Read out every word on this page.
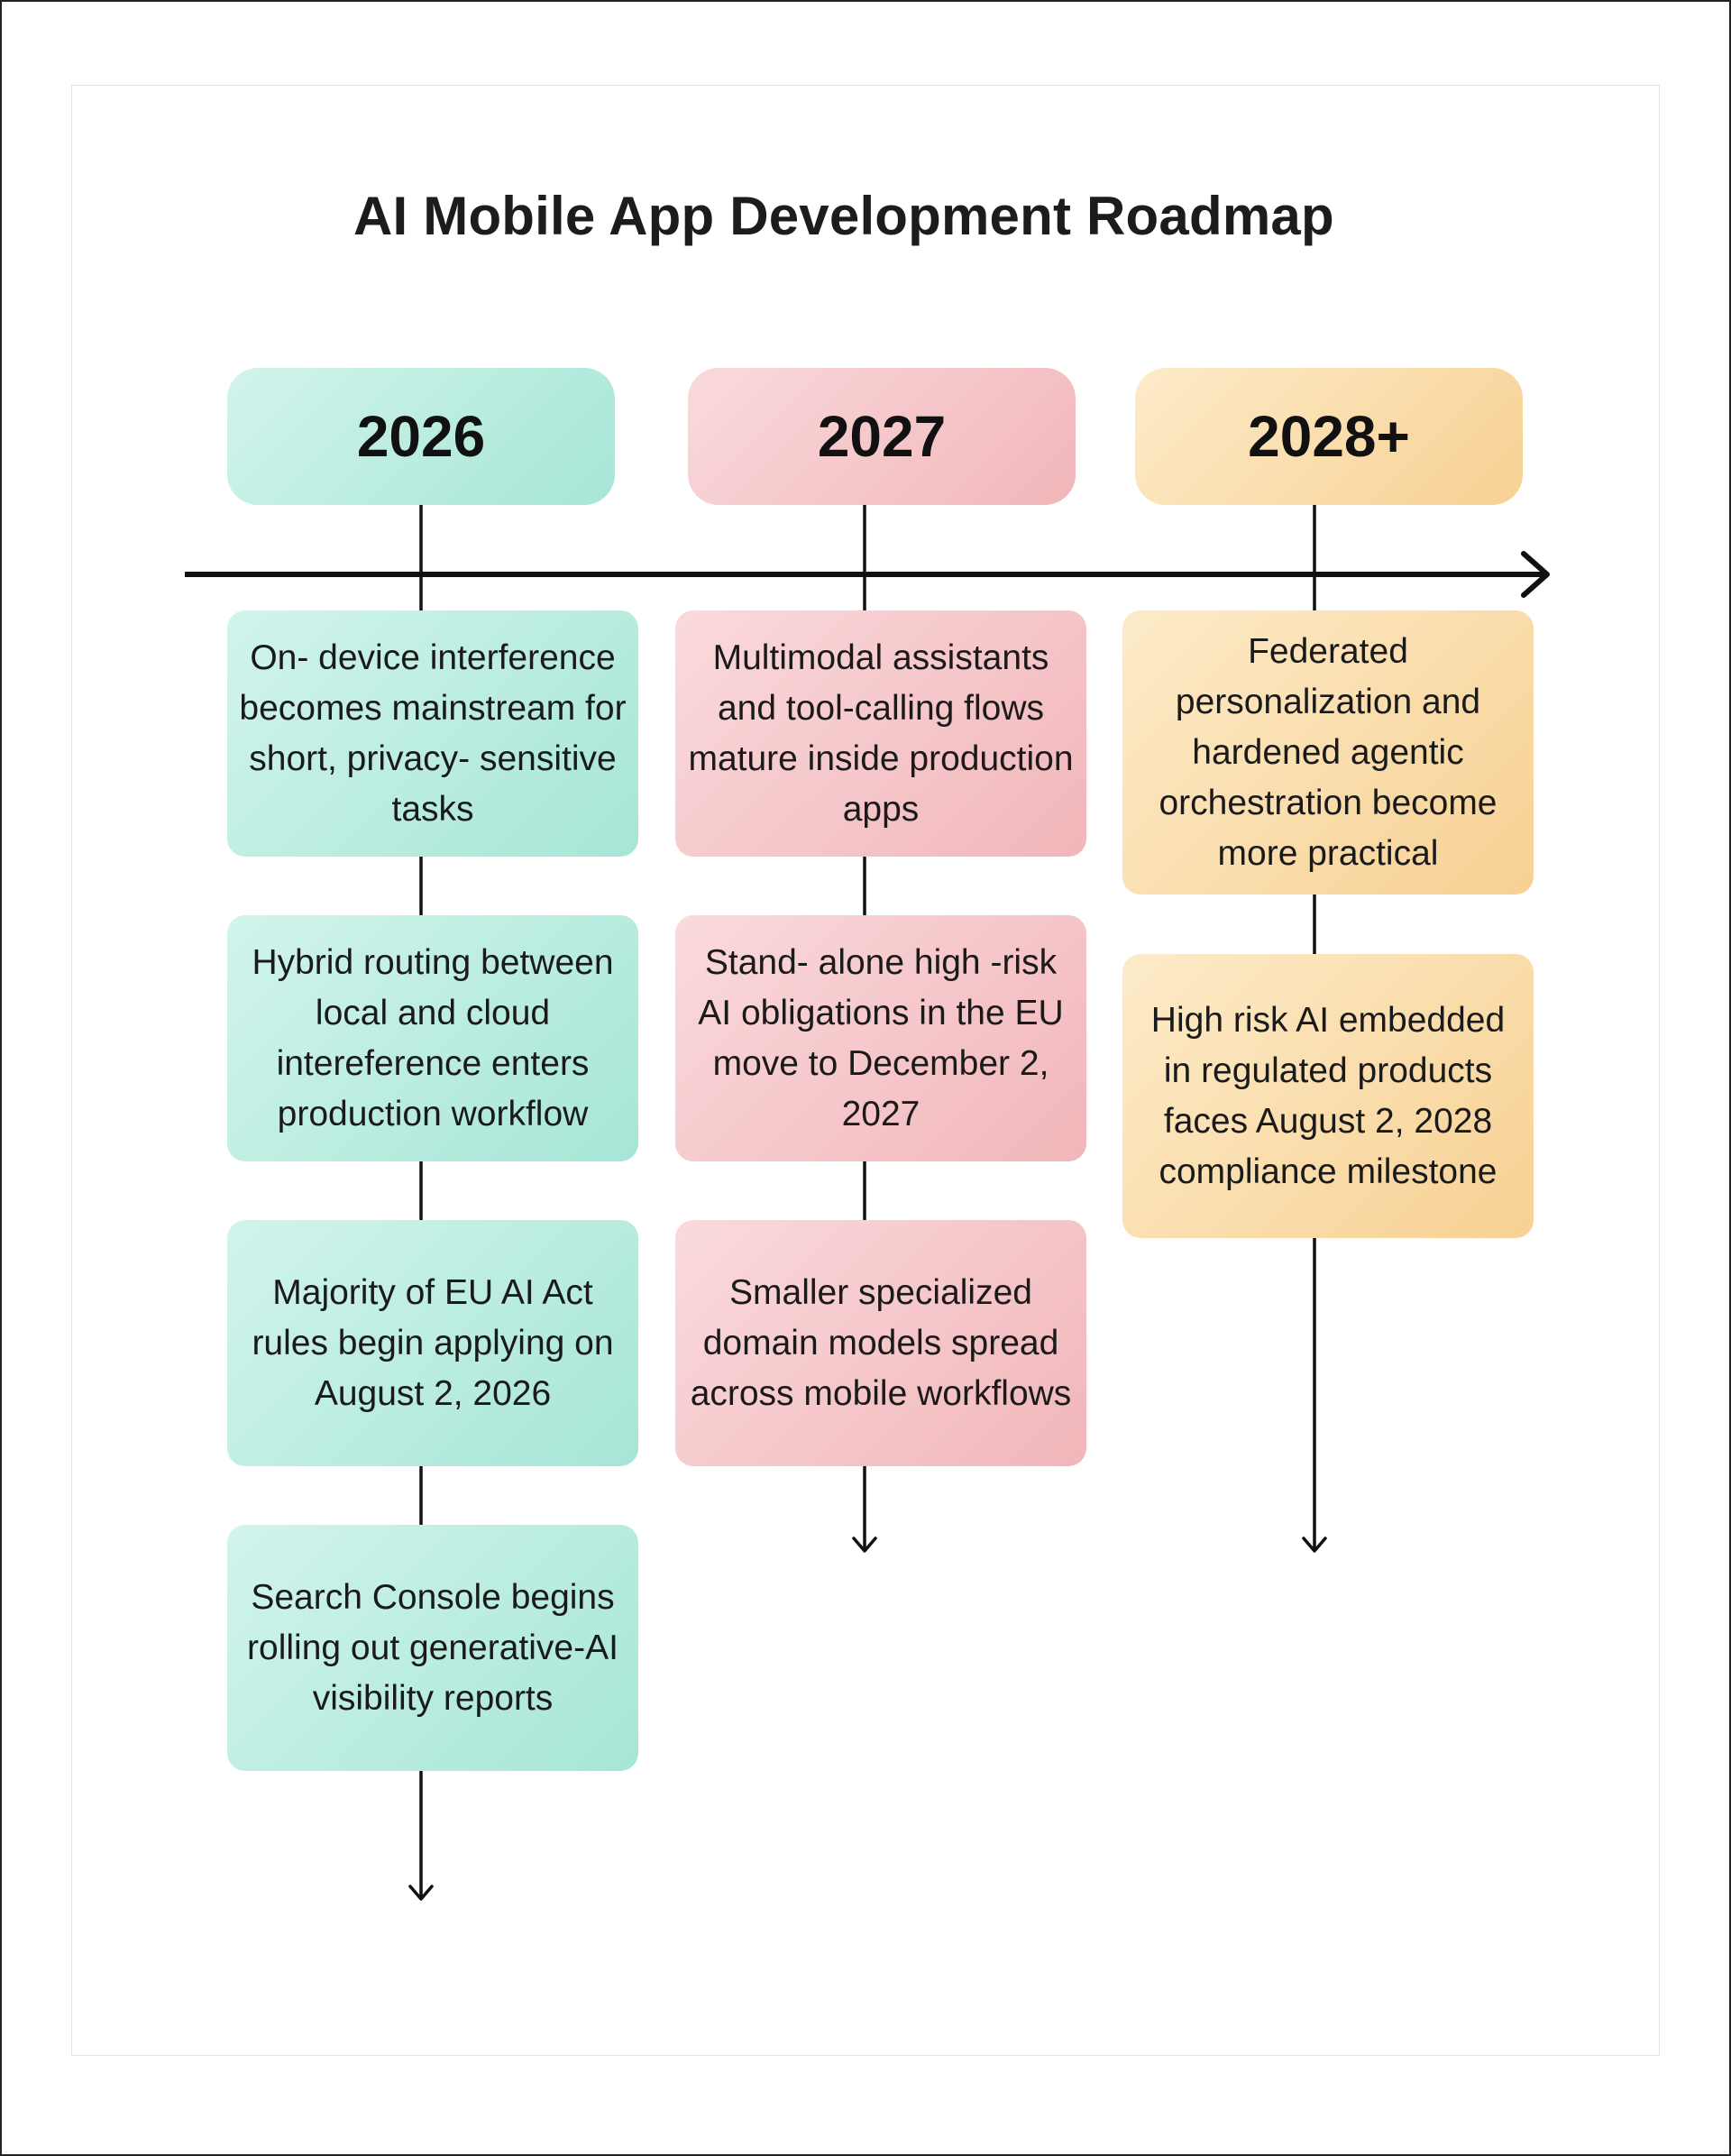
AI Mobile App Development Roadmap
2026	2027	2028+
On- device interference becomes mainstream for short, privacy- sensitive tasks
Hybrid routing between local and cloud intereference enters production workflow
Majority of EU AI Act rules begin applying on August 2, 2026
Search Console begins rolling out generative-AI visibility reports
Multimodal assistants and tool-calling flows mature inside production apps
Stand- alone high -risk AI obligations in the EU move to December 2, 2027
Smaller specialized domain models spread across mobile workflows
Federated personalization and hardened agentic orchestration become more practical
High risk AI embedded in regulated products faces August 2, 2028 compliance milestone
